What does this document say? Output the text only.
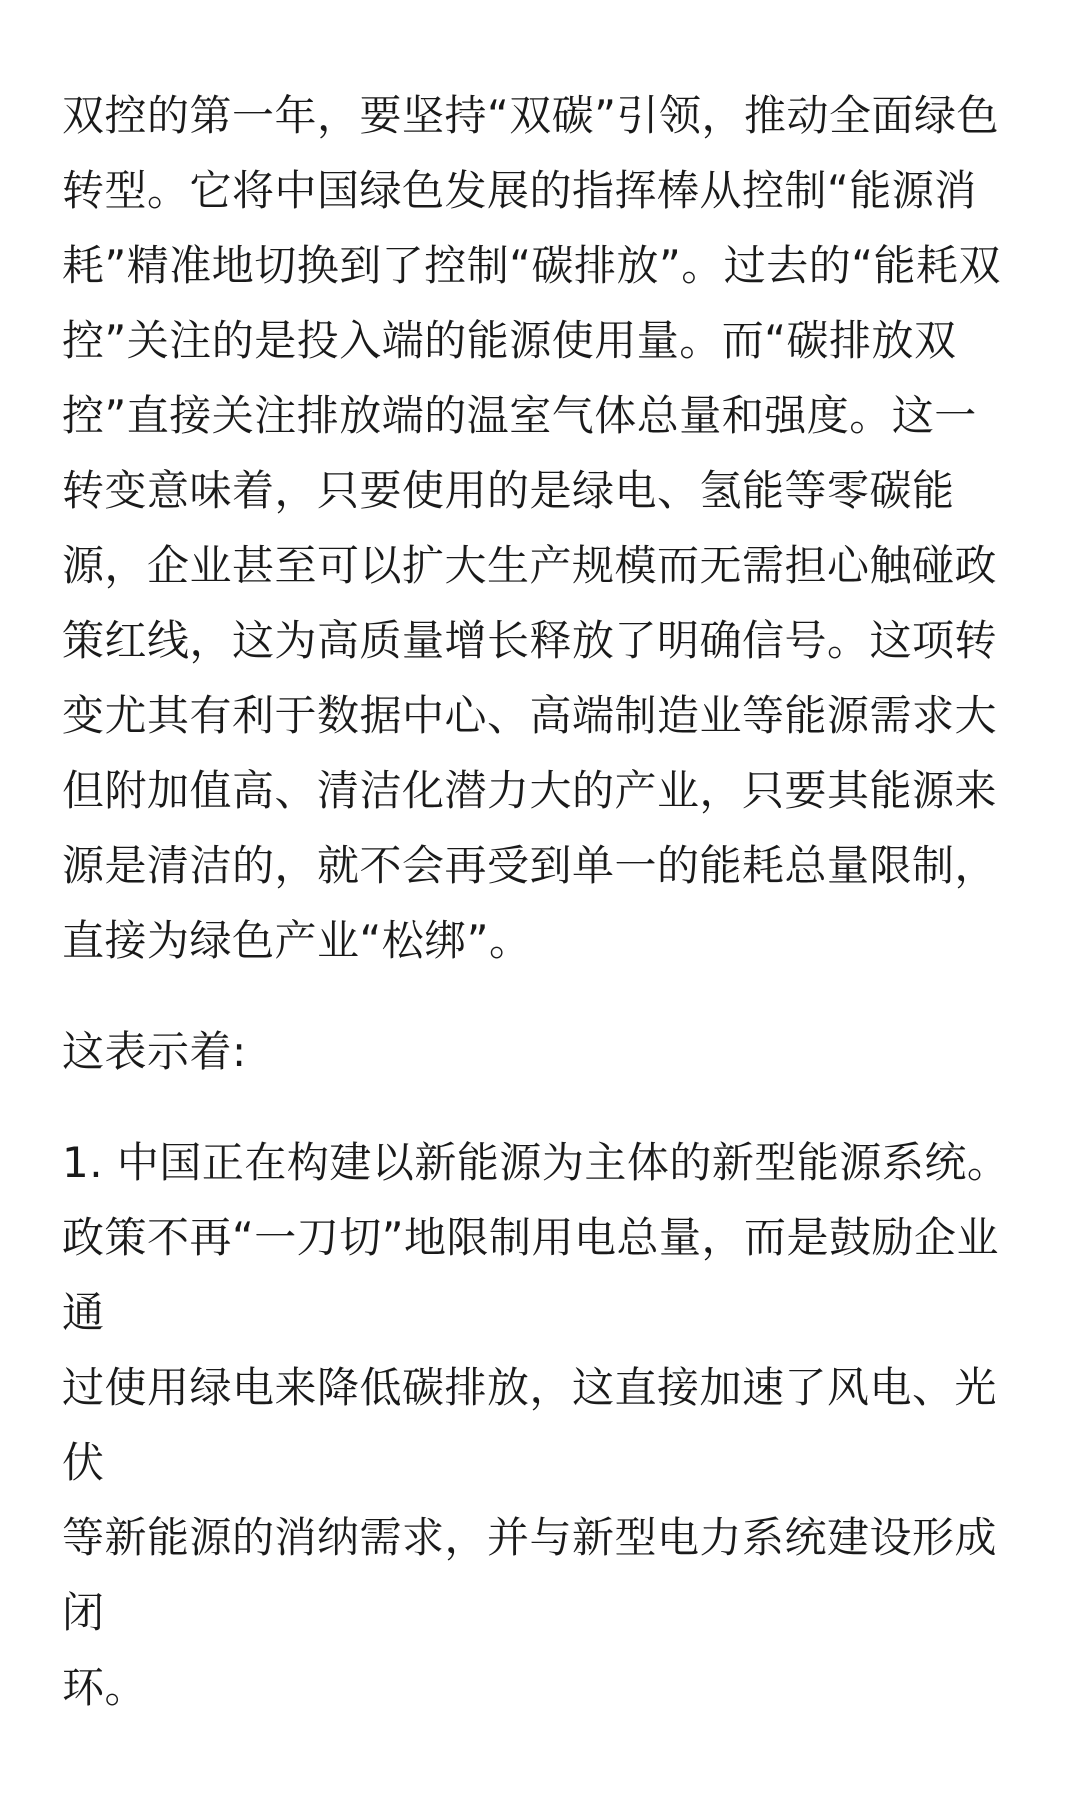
双控的第一年，要坚持“双碳”引领，推动全面绿色
转型。它将中国绿色发展的指挥棒从控制“能源消
耗”精准地切换到了控制“碳排放”。过去的“能耗双
控”关注的是投入端的能源使用量。而“碳排放双
控”直接关注排放端的温室气体总量和强度。这一
转变意味着，只要使用的是绿电、氢能等零碳能
源，企业甚至可以扩大生产规模而无需担心触碰政
策红线，这为高质量增长释放了明确信号。这项转
变尤其有利于数据中心、高端制造业等能源需求大
但附加值高、清洁化潜力大的产业，只要其能源来
源是清洁的，就不会再受到单一的能耗总量限制，
直接为绿色产业“松绑”。
这表示着:
1. 中国正在构建以新能源为主体的新型能源系统。
政策不再“一刀切”地限制用电总量，而是鼓励企业通
过使用绿电来降低碳排放，这直接加速了风电、光伏
等新能源的消纳需求，并与新型电力系统建设形成闭
环。
